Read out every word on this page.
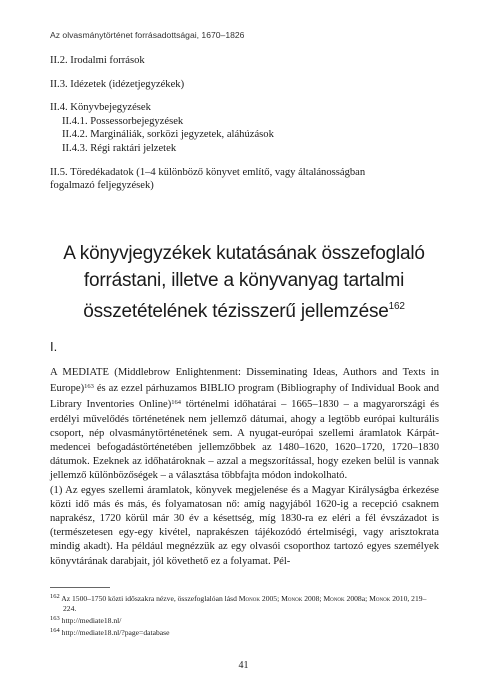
Az olvasmánytörténet forrásadottságai, 1670–1826
II.2. Irodalmi források
II.3. Idézetek (idézetjegyzékek)
II.4. Könyvbejegyzések
II.4.1. Possessorbejegyzések
II.4.2. Margináliák, sorközi jegyzetek, aláhúzások
II.4.3. Régi raktári jelzetek
II.5. Töredékadatok (1–4 különböző könyvet említő, vagy általánosságban
fogalmazó feljegyzések)
A könyvjegyzékek kutatásának összefoglaló
forrástani, illetve a könyvanyag tartalmi
összetételének tézisszerű jellemzése$^{162}$
I.

A MEDIATE (Middlebrow Enlightenment: Disseminating Ideas, Authors and Texts in Europe)$^{163}$ és az ezzel párhuzamos BIBLIO program (Bibliography of Individual Book and Library Inventories Online)$^{164}$ történelmi időhatárai – 1665–1830 – a magyarországi és erdélyi művelődés történetének nem jellemző dátumai, ahogy a legtöbb európai kulturális csoport, nép olvasmánytörténetének sem. A nyugat-európai szellemi áramlatok Kárpát-medencei befogadástörténetében jellemzőbbek az 1480–1620, 1620–1720, 1720–1830 dátumok. Ezeknek az időhatároknak – azzal a megszorítással, hogy ezeken belül is vannak jellemző különbözőségek – a választása többfajta módon indokolható.

(1) Az egyes szellemi áramlatok, könyvek megjelenése és a Magyar Királyságba érkezése közti idő más és más, és folyamatosan nő: amíg nagyjából 1620-ig a recepció csaknem naprakész, 1720 körül már 30 év a késettség, míg 1830-ra ez eléri a fél évszázadot is (természetesen egy-egy kivétel, naprakészen tájékozódó értelmiségi, vagy arisztokrata mindig akadt). Ha például megnézzük az egy olvasói csoporthoz tartozó egyes személyek könyvtárának darabjait, jól követhető ez a folyamat. Pél-

$^{162}$ Az 1500–1750 közti időszakra nézve, összefoglalóan lásd Monok 2005; Monok 2008; Monok 2008a; Monok 2010, 219–224.
$^{163}$ http://mediate18.nl/
$^{164}$ http://mediate18.nl/?page=database
41
